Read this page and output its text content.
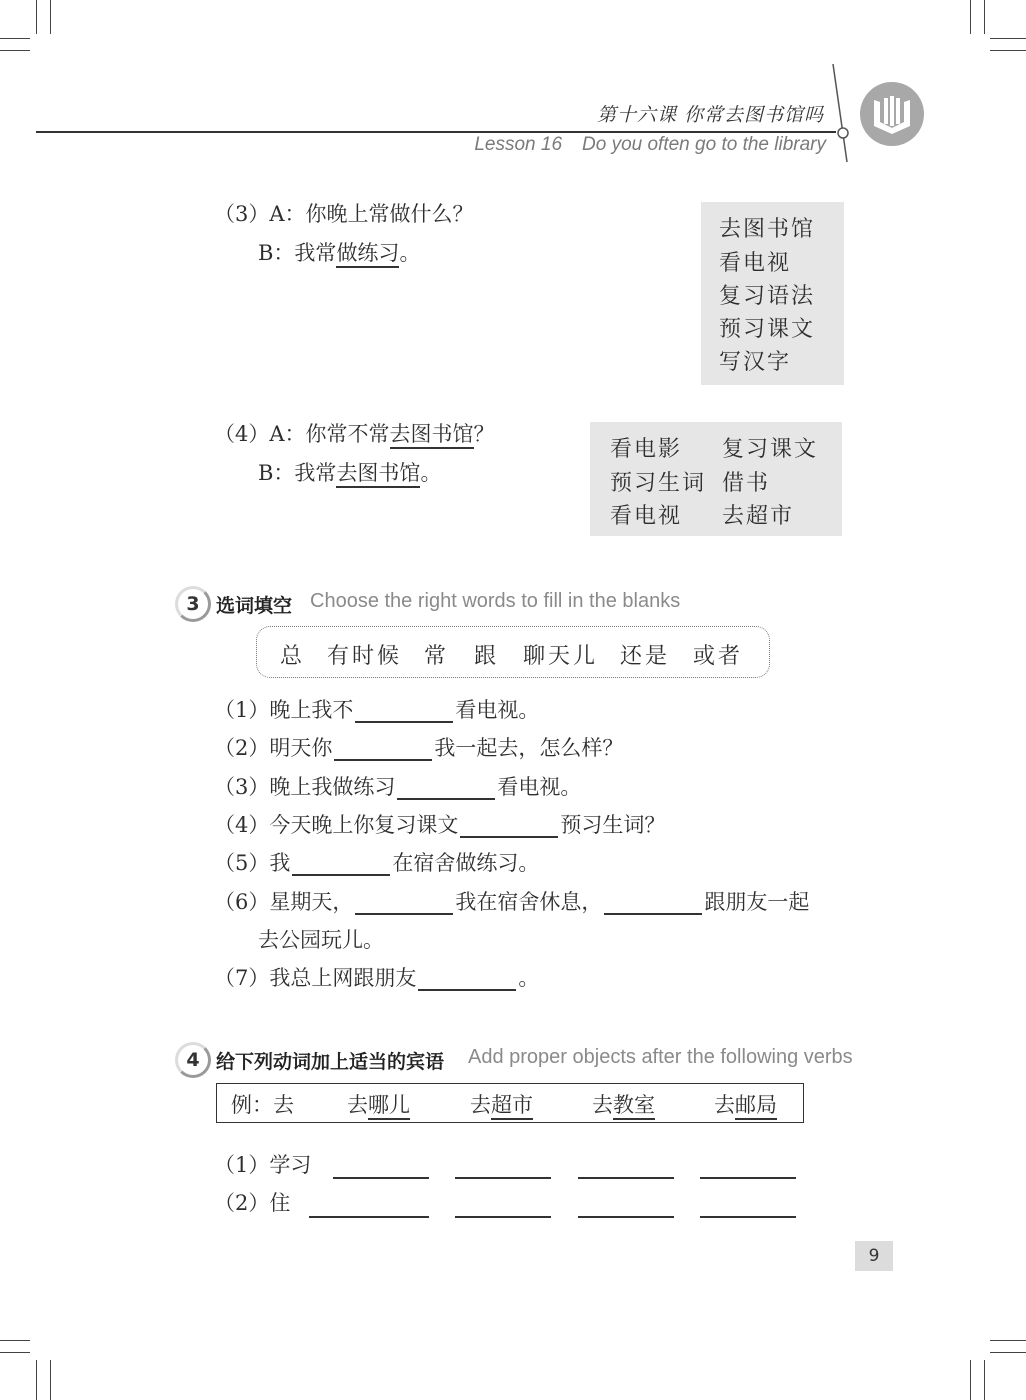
第十六课 你常去图书馆吗
Lesson 16 Do you often go to the library
（3）A：你晚上常做什么？
B：我常做练习。
去图书馆
看电视
复习语法
预习课文
写汉字
（4）A：你常不常去图书馆？
B：我常去图书馆。
看电影 复习课文
预习生词 借书
看电视 去超市
3 选词填空 Choose the right words to fill in the blanks
总 有时候 常 跟 聊天儿 还是 或者
（1）晚上我不	看电视。
（2）明天你	我一起去，怎么样？
（3）晚上我做练习	看电视。
（4）今天晚上你复习课文	预习生词？
（5）我	在宿舍做练习。
（6）星期天，	我在宿舍休息，	跟朋友一起
去公园玩儿。
（7）我总上网跟朋友	。
4 给下列动词加上适当的宾语 Add proper objects after the following verbs
例：去	去哪儿	去超市	去教室	去邮局
（1）学习
（2）住
9
